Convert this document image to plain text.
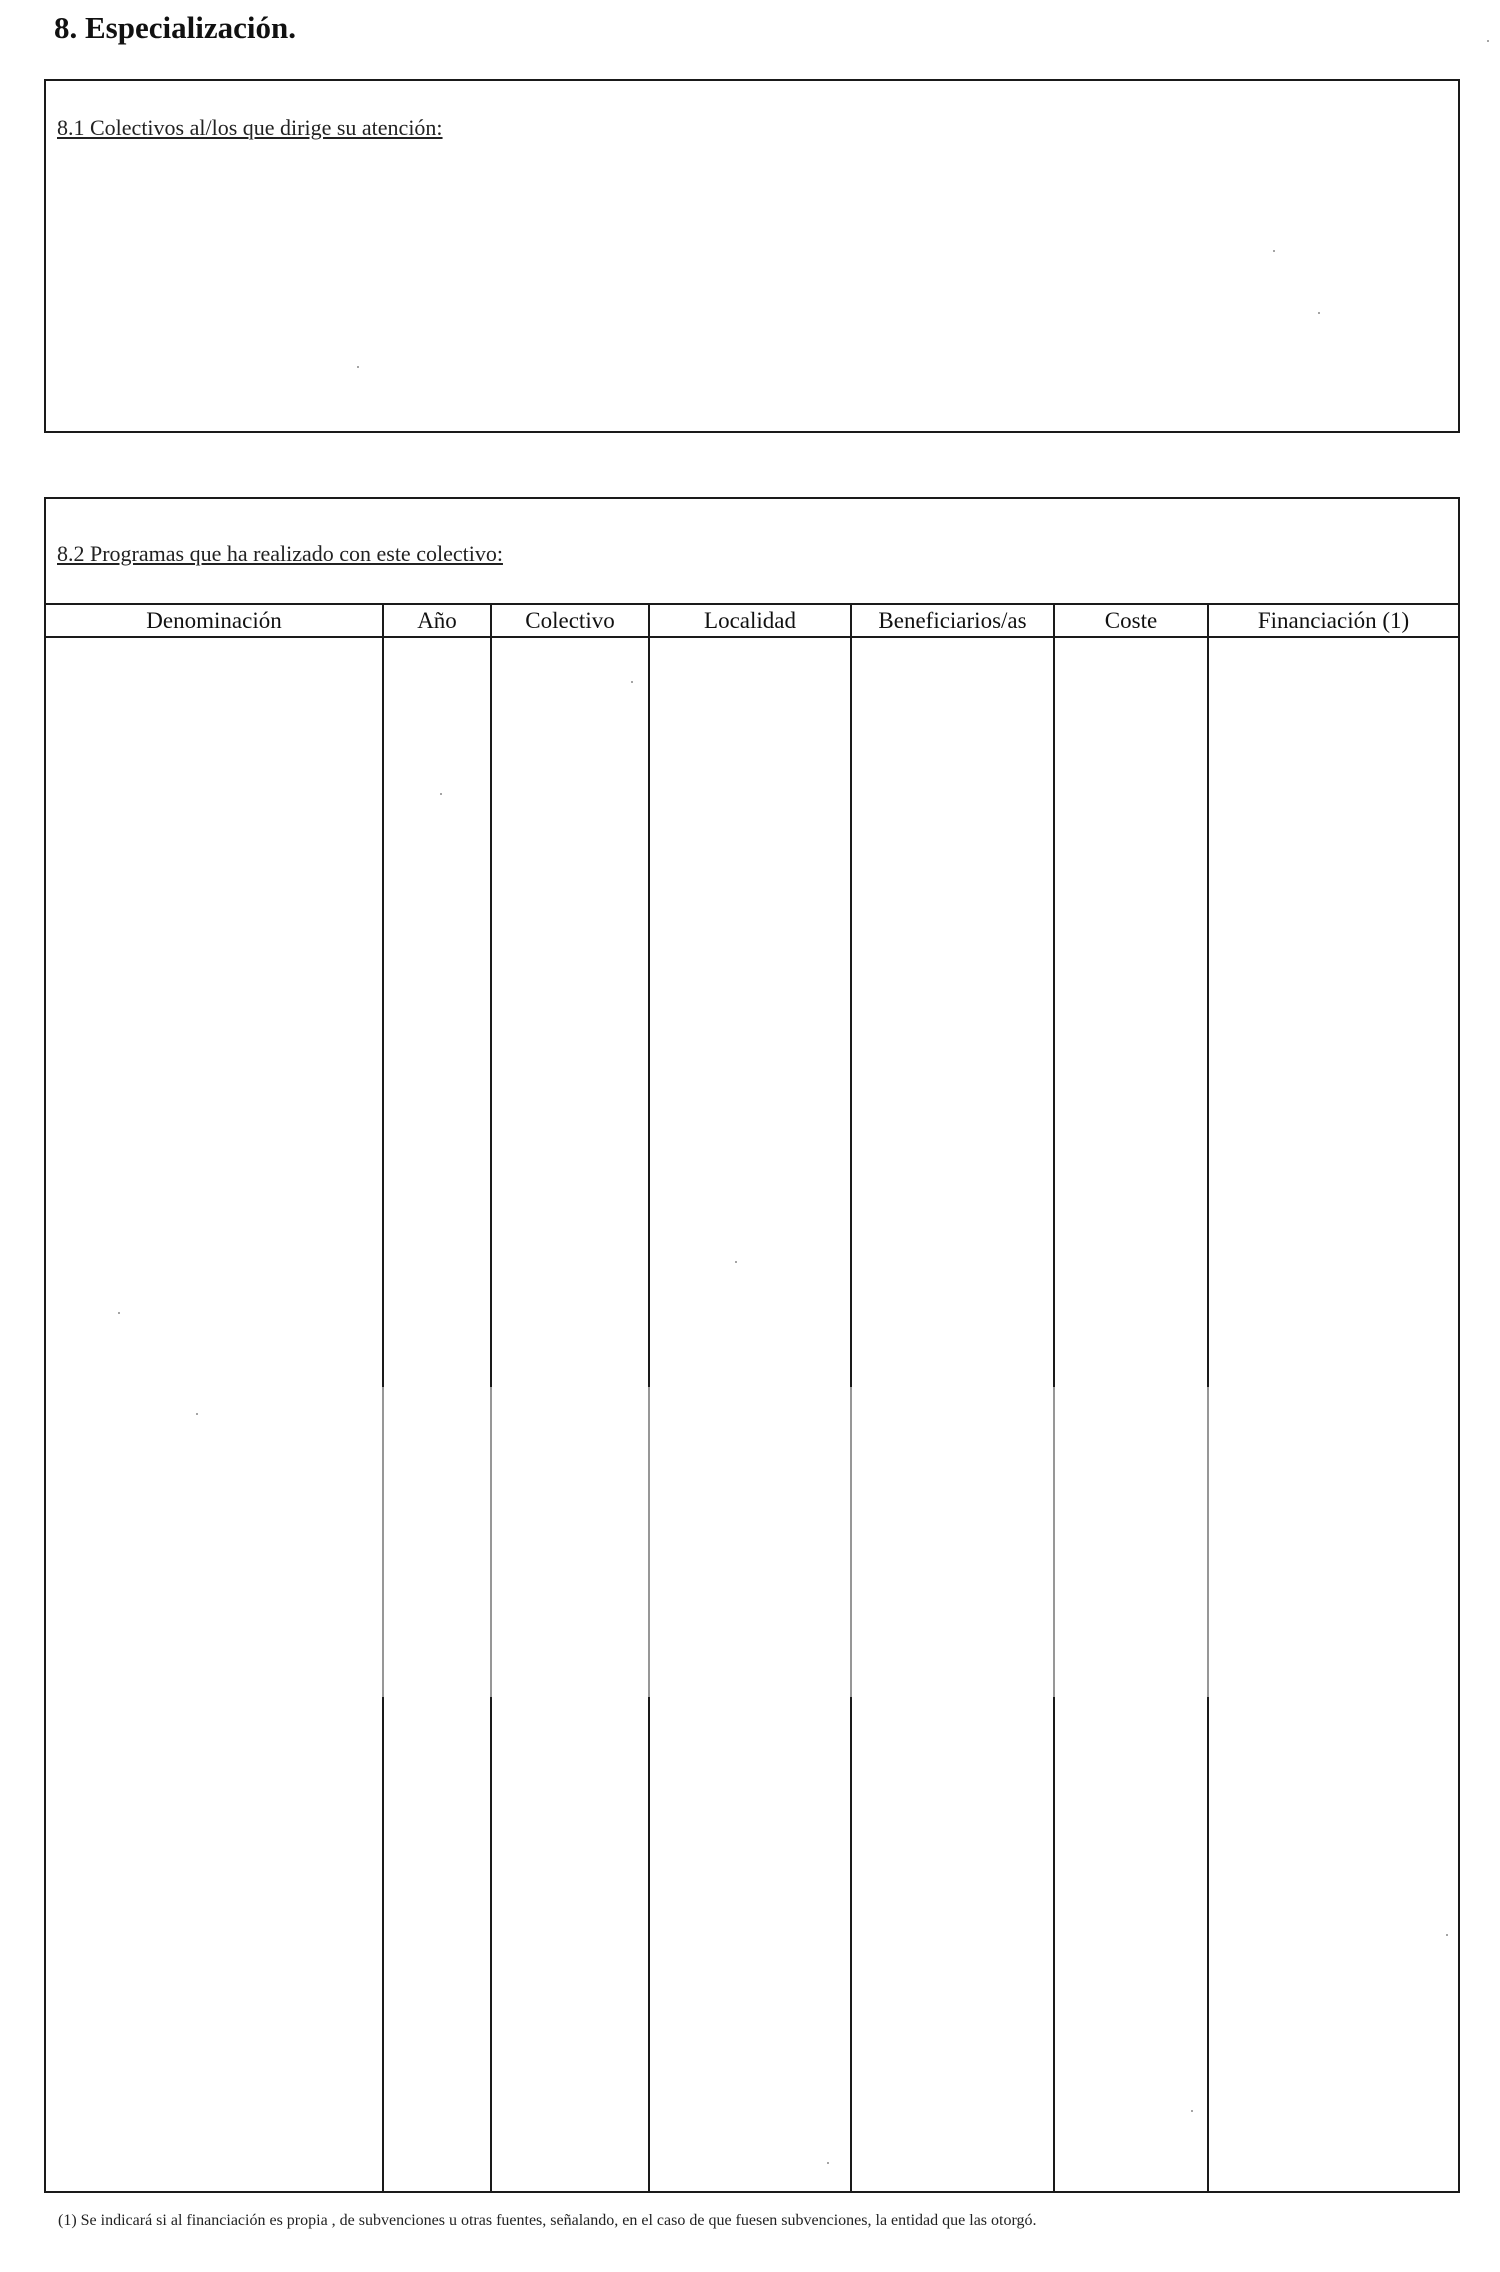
8. Especialización.

8.1 Colectivos al/los que dirige su atención:

8.2 Programas que ha realizado con este colectivo:

Denominación	Año	Colectivo	Localidad	Beneficiarios/as	Coste	Financiación (1)

(1) Se indicará si al financiación es propia , de subvenciones u otras fuentes, señalando, en el caso de que fuesen subvenciones, la entidad que las otorgó.
